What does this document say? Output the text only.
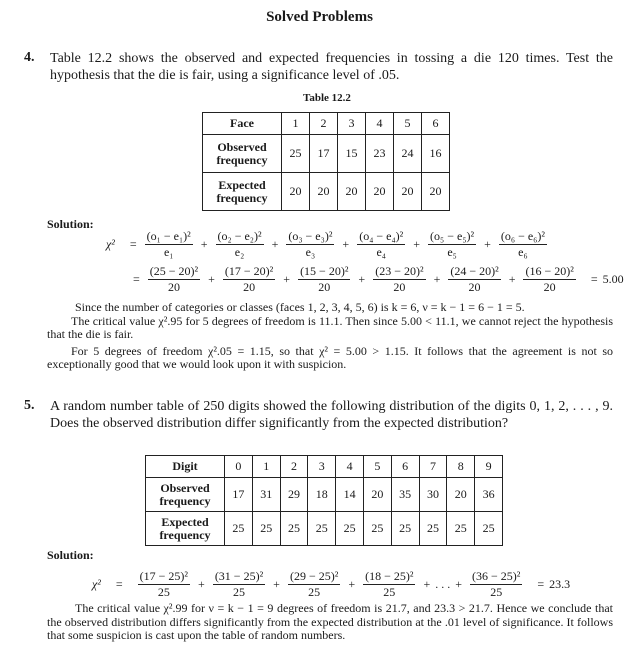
Solved Problems
4. Table 12.2 shows the observed and expected frequencies in tossing a die 120 times. Test the hypothesis that the die is fair, using a significance level of .05.
Table 12.2
Face	1	2	3	4	5	6
Observed frequency	25	17	15	23	24	16
Expected frequency	20	20	20	20	20	20
Solution:
$\chi^2 = \frac{\text{(o₁ − e₁)²}}{\text{e₁}} + \frac{\text{(o₂ − e₂)²}}{\text{e₂}} + \frac{\text{(o₃ − e₃)²}}{\text{e₃}} + \frac{\text{(o₄ − e₄)²}}{\text{e₄}} + \frac{\text{(o₅ − e₅)²}}{\text{e₅}} + \frac{\text{(o₆ − e₆)²}}{\text{e₆}}$
= $\frac{\text{(25 − 20)²}}{20} + \frac{\text{(17 − 20)²}}{20} + \frac{\text{(15 − 20)²}}{20} + \frac{\text{(23 − 20)²}}{20} + \frac{\text{(24 − 20)²}}{20} + \frac{\text{(16 − 20)²}}{20} = 5.00$
Since the number of categories or classes (faces 1, 2, 3, 4, 5, 6) is k = 6, ν = k − 1 = 6 − 1 = 5.
The critical value χ².95 for 5 degrees of freedom is 11.1. Then since 5.00 < 11.1, we cannot reject the hypothesis that the die is fair.
For 5 degrees of freedom χ².05 = 1.15, so that χ² = 5.00 > 1.15. It follows that the agreement is not so exceptionally good that we would look upon it with suspicion.
5. A random number table of 250 digits showed the following distribution of the digits 0, 1, 2, . . . , 9. Does the observed distribution differ significantly from the expected distribution?
Digit	0	1	2	3	4	5	6	7	8	9
Observed frequency	17	31	29	18	14	20	35	30	20	36
Expected frequency	25	25	25	25	25	25	25	25	25	25
Solution:
$\chi^2 = \frac{\text{(17 − 25)²}}{25} + \frac{\text{(31 − 25)²}}{25} + \frac{\text{(29 − 25)²}}{25} + \frac{\text{(18 − 25)²}}{25}$ + . . . + $\frac{\text{(36 − 25)²}}{25} = 23.3$
The critical value χ².99 for ν = k − 1 = 9 degrees of freedom is 21.7, and 23.3 > 21.7. Hence we conclude that the observed distribution differs significantly from the expected distribution at the .01 level of significance. It follows that some suspicion is cast upon the table of random numbers.
